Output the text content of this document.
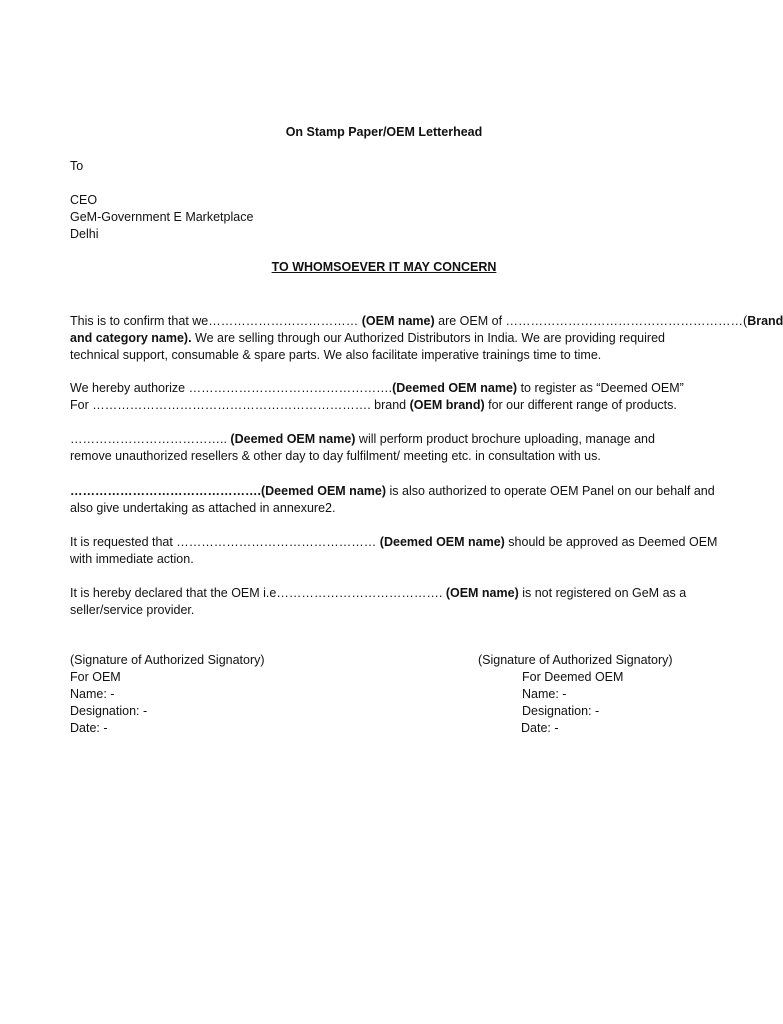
On Stamp Paper/OEM Letterhead
To
CEO
GeM-Government E Marketplace
Delhi
TO WHOMSOEVER IT MAY CONCERN
This is to confirm that we……………………………… (OEM name) are OEM of …………………………………………………(Brand
and category name). We are selling through our Authorized Distributors in India. We are providing required
technical support, consumable & spare parts. We also facilitate imperative trainings time to time.
We hereby authorize ………………………………………….(Deemed OEM name) to register as “Deemed OEM”
For …………………………………………………………. brand (OEM brand) for our different range of products.
……………………………….. (Deemed OEM name) will perform product brochure uploading, manage and
remove unauthorized resellers & other day to day fulfilment/ meeting etc. in consultation with us.
……………………………………….(Deemed OEM name) is also authorized to operate OEM Panel on our behalf and
also give undertaking as attached in annexure2.
It is requested that ………………………………………… (Deemed OEM name) should be approved as Deemed OEM
with immediate action.
It is hereby declared that the OEM i.e…………………………………. (OEM name) is not registered on GeM as a
seller/service provider.
(Signature of Authorized Signatory)
For OEM
Name: -
Designation: -
Date: -
(Signature of Authorized Signatory)
For Deemed OEM
Name: -
Designation: -
Date: -
